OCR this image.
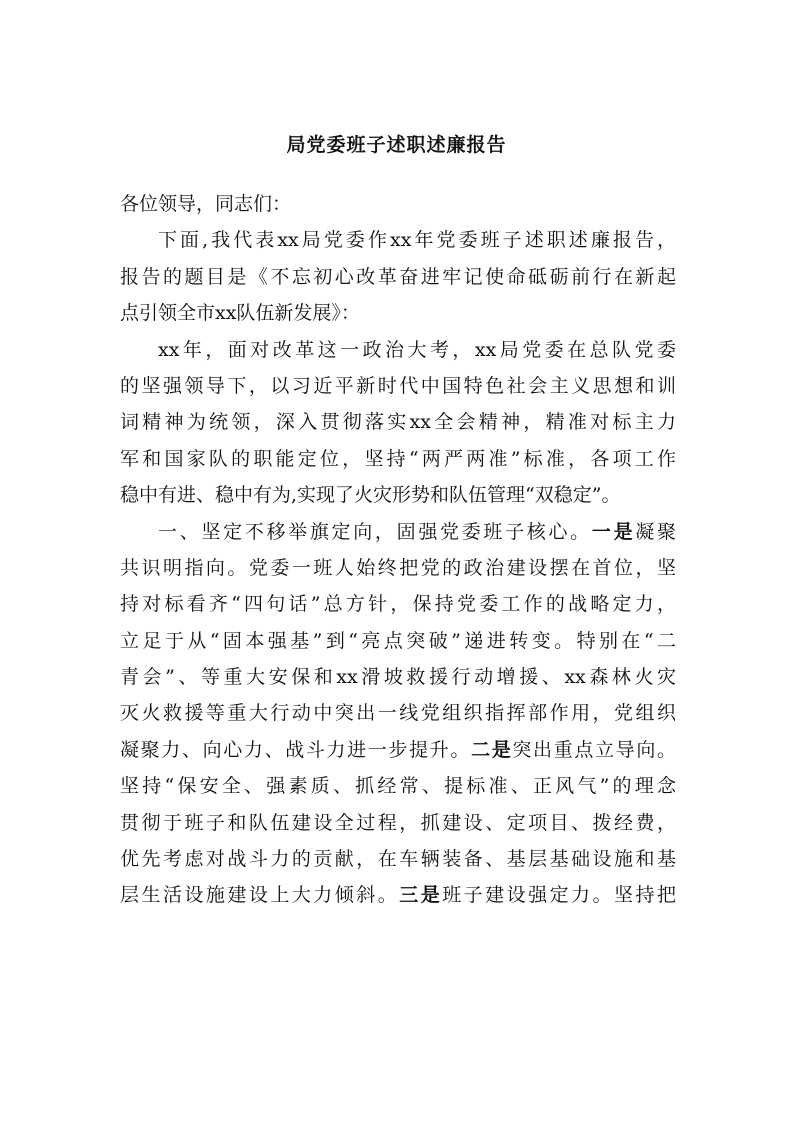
局党委班子述职述廉报告
各位领导，同志们：
下面,我代表xx局党委作xx年党委班子述职述廉报告，
报告的题目是《不忘初心改革奋进牢记使命砥砺前行在新起
点引领全市xx队伍新发展》：
xx年，面对改革这一政治大考，xx局党委在总队党委
的坚强领导下，以习近平新时代中国特色社会主义思想和训
词精神为统领，深入贯彻落实xx全会精神，精准对标主力
军和国家队的职能定位，坚持“两严两准”标准，各项工作
稳中有进、稳中有为,实现了火灾形势和队伍管理“双稳定”。
一、坚定不移举旗定向，固强党委班子核心。一是凝聚
共识明指向。党委一班人始终把党的政治建设摆在首位，坚
持对标看齐“四句话”总方针，保持党委工作的战略定力，
立足于从“固本强基”到“亮点突破”递进转变。特别在“二
青会”、等重大安保和xx滑坡救援行动增援、xx森林火灾
灭火救援等重大行动中突出一线党组织指挥部作用，党组织
凝聚力、向心力、战斗力进一步提升。二是突出重点立导向。
坚持“保安全、强素质、抓经常、提标准、正风气”的理念
贯彻于班子和队伍建设全过程，抓建设、定项目、拨经费，
优先考虑对战斗力的贡献，在车辆装备、基层基础设施和基
层生活设施建设上大力倾斜。三是班子建设强定力。坚持把
